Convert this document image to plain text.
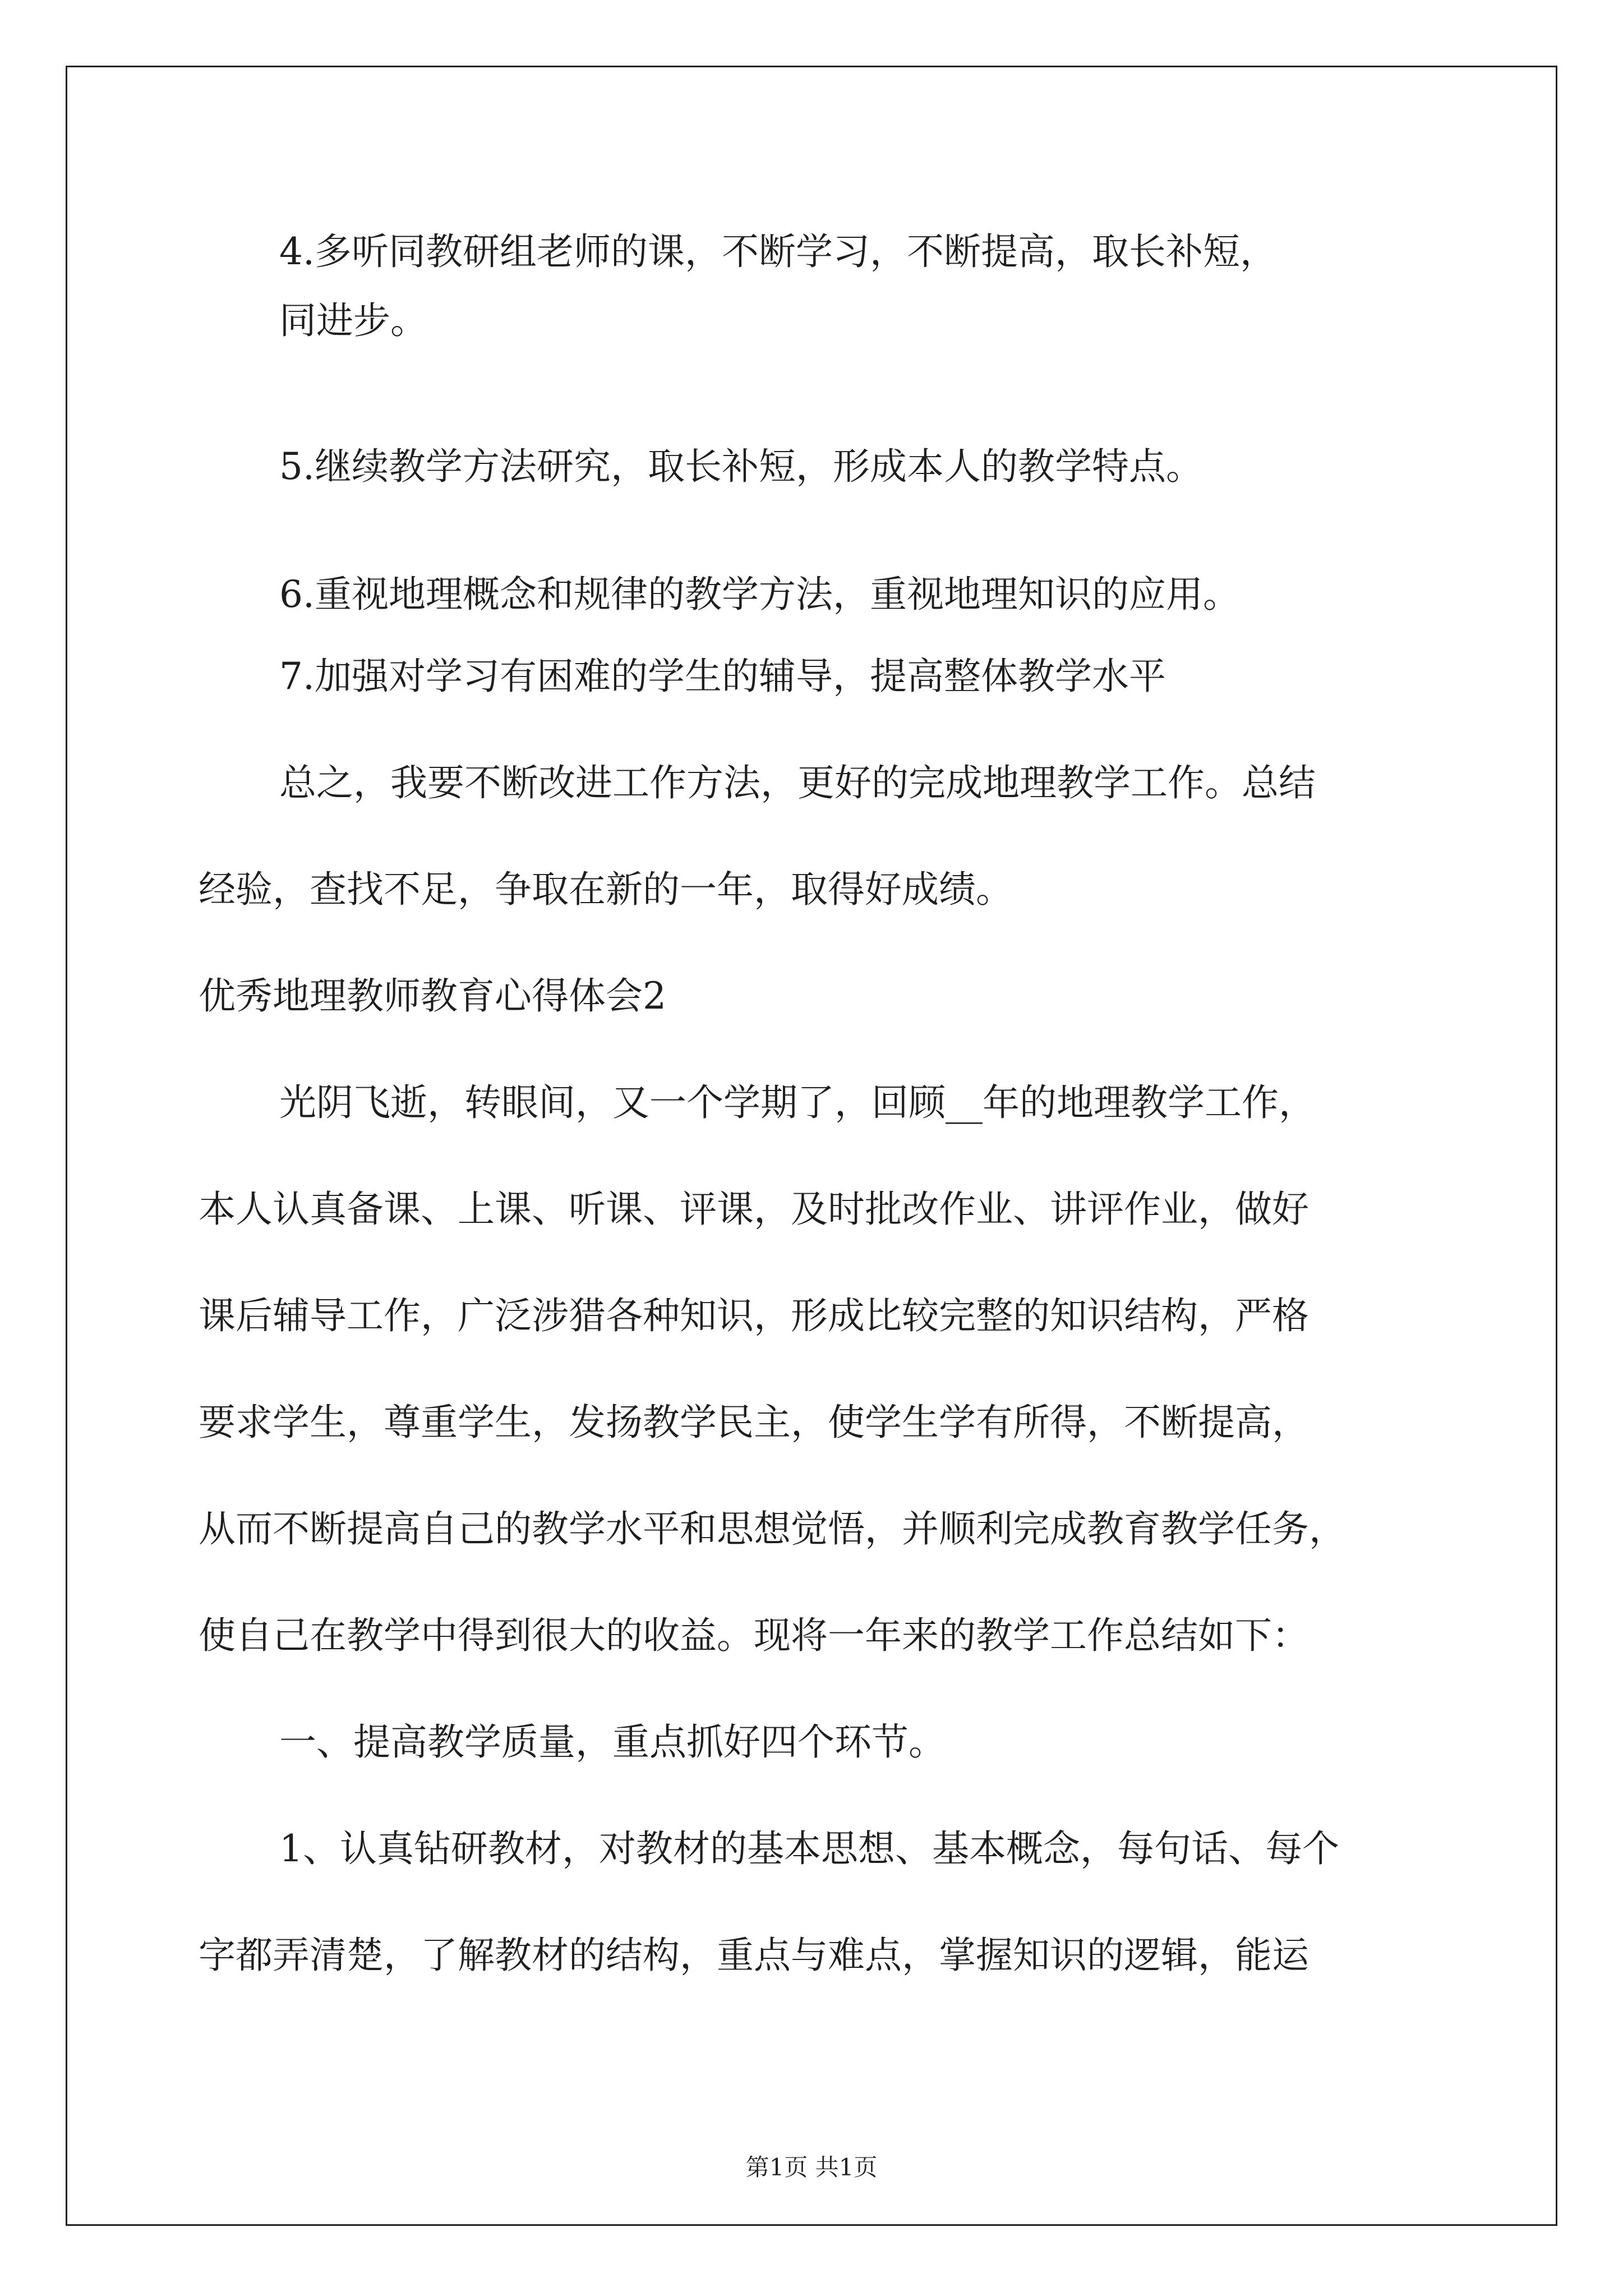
4.多听同教研组老师的课，不断学习，不断提高，取长补短，

同进步。

5.继续教学方法研究，取长补短，形成本人的教学特点。

6.重视地理概念和规律的教学方法，重视地理知识的应用。

7.加强对学习有困难的学生的辅导，提高整体教学水平

总之，我要不断改进工作方法，更好的完成地理教学工作。总结

经验，查找不足，争取在新的一年，取得好成绩。

优秀地理教师教育心得体会2

光阴飞逝，转眼间，又一个学期了，回顾__年的地理教学工作，

本人认真备课、上课、听课、评课，及时批改作业、讲评作业，做好

课后辅导工作，广泛涉猎各种知识，形成比较完整的知识结构，严格

要求学生，尊重学生，发扬教学民主，使学生学有所得，不断提高，

从而不断提高自己的教学水平和思想觉悟，并顺利完成教育教学任务，

使自己在教学中得到很大的收益。现将一年来的教学工作总结如下：

一、提高教学质量，重点抓好四个环节。

1、认真钻研教材，对教材的基本思想、基本概念，每句话、每个

字都弄清楚，了解教材的结构，重点与难点，掌握知识的逻辑，能运

第1页 共1页
